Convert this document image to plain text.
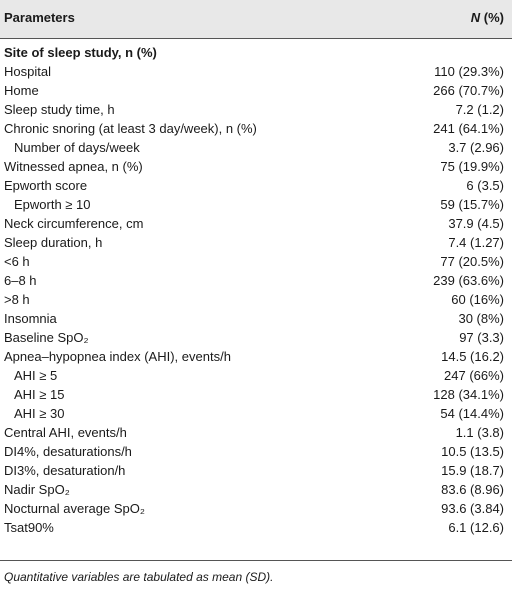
Parameters	N (%)
Site of sleep study, n (%)
Hospital	110 (29.3%)
Home	266 (70.7%)
Sleep study time, h	7.2 (1.2)
Chronic snoring (at least 3 day/week), n (%)	241 (64.1%)
Number of days/week	3.7 (2.96)
Witnessed apnea, n (%)	75 (19.9%)
Epworth score	6 (3.5)
Epworth ≥ 10	59 (15.7%)
Neck circumference, cm	37.9 (4.5)
Sleep duration, h	7.4 (1.27)
<6 h	77 (20.5%)
6–8 h	239 (63.6%)
>8 h	60 (16%)
Insomnia	30 (8%)
Baseline SpO₂	97 (3.3)
Apnea–hypopnea index (AHI), events/h	14.5 (16.2)
AHI ≥ 5	247 (66%)
AHI ≥ 15	128 (34.1%)
AHI ≥ 30	54 (14.4%)
Central AHI, events/h	1.1 (3.8)
DI4%, desaturations/h	10.5 (13.5)
DI3%, desaturation/h	15.9 (18.7)
Nadir SpO₂	83.6 (8.96)
Nocturnal average SpO₂	93.6 (3.84)
Tsat90%	6.1 (12.6)
Quantitative variables are tabulated as mean (SD).
